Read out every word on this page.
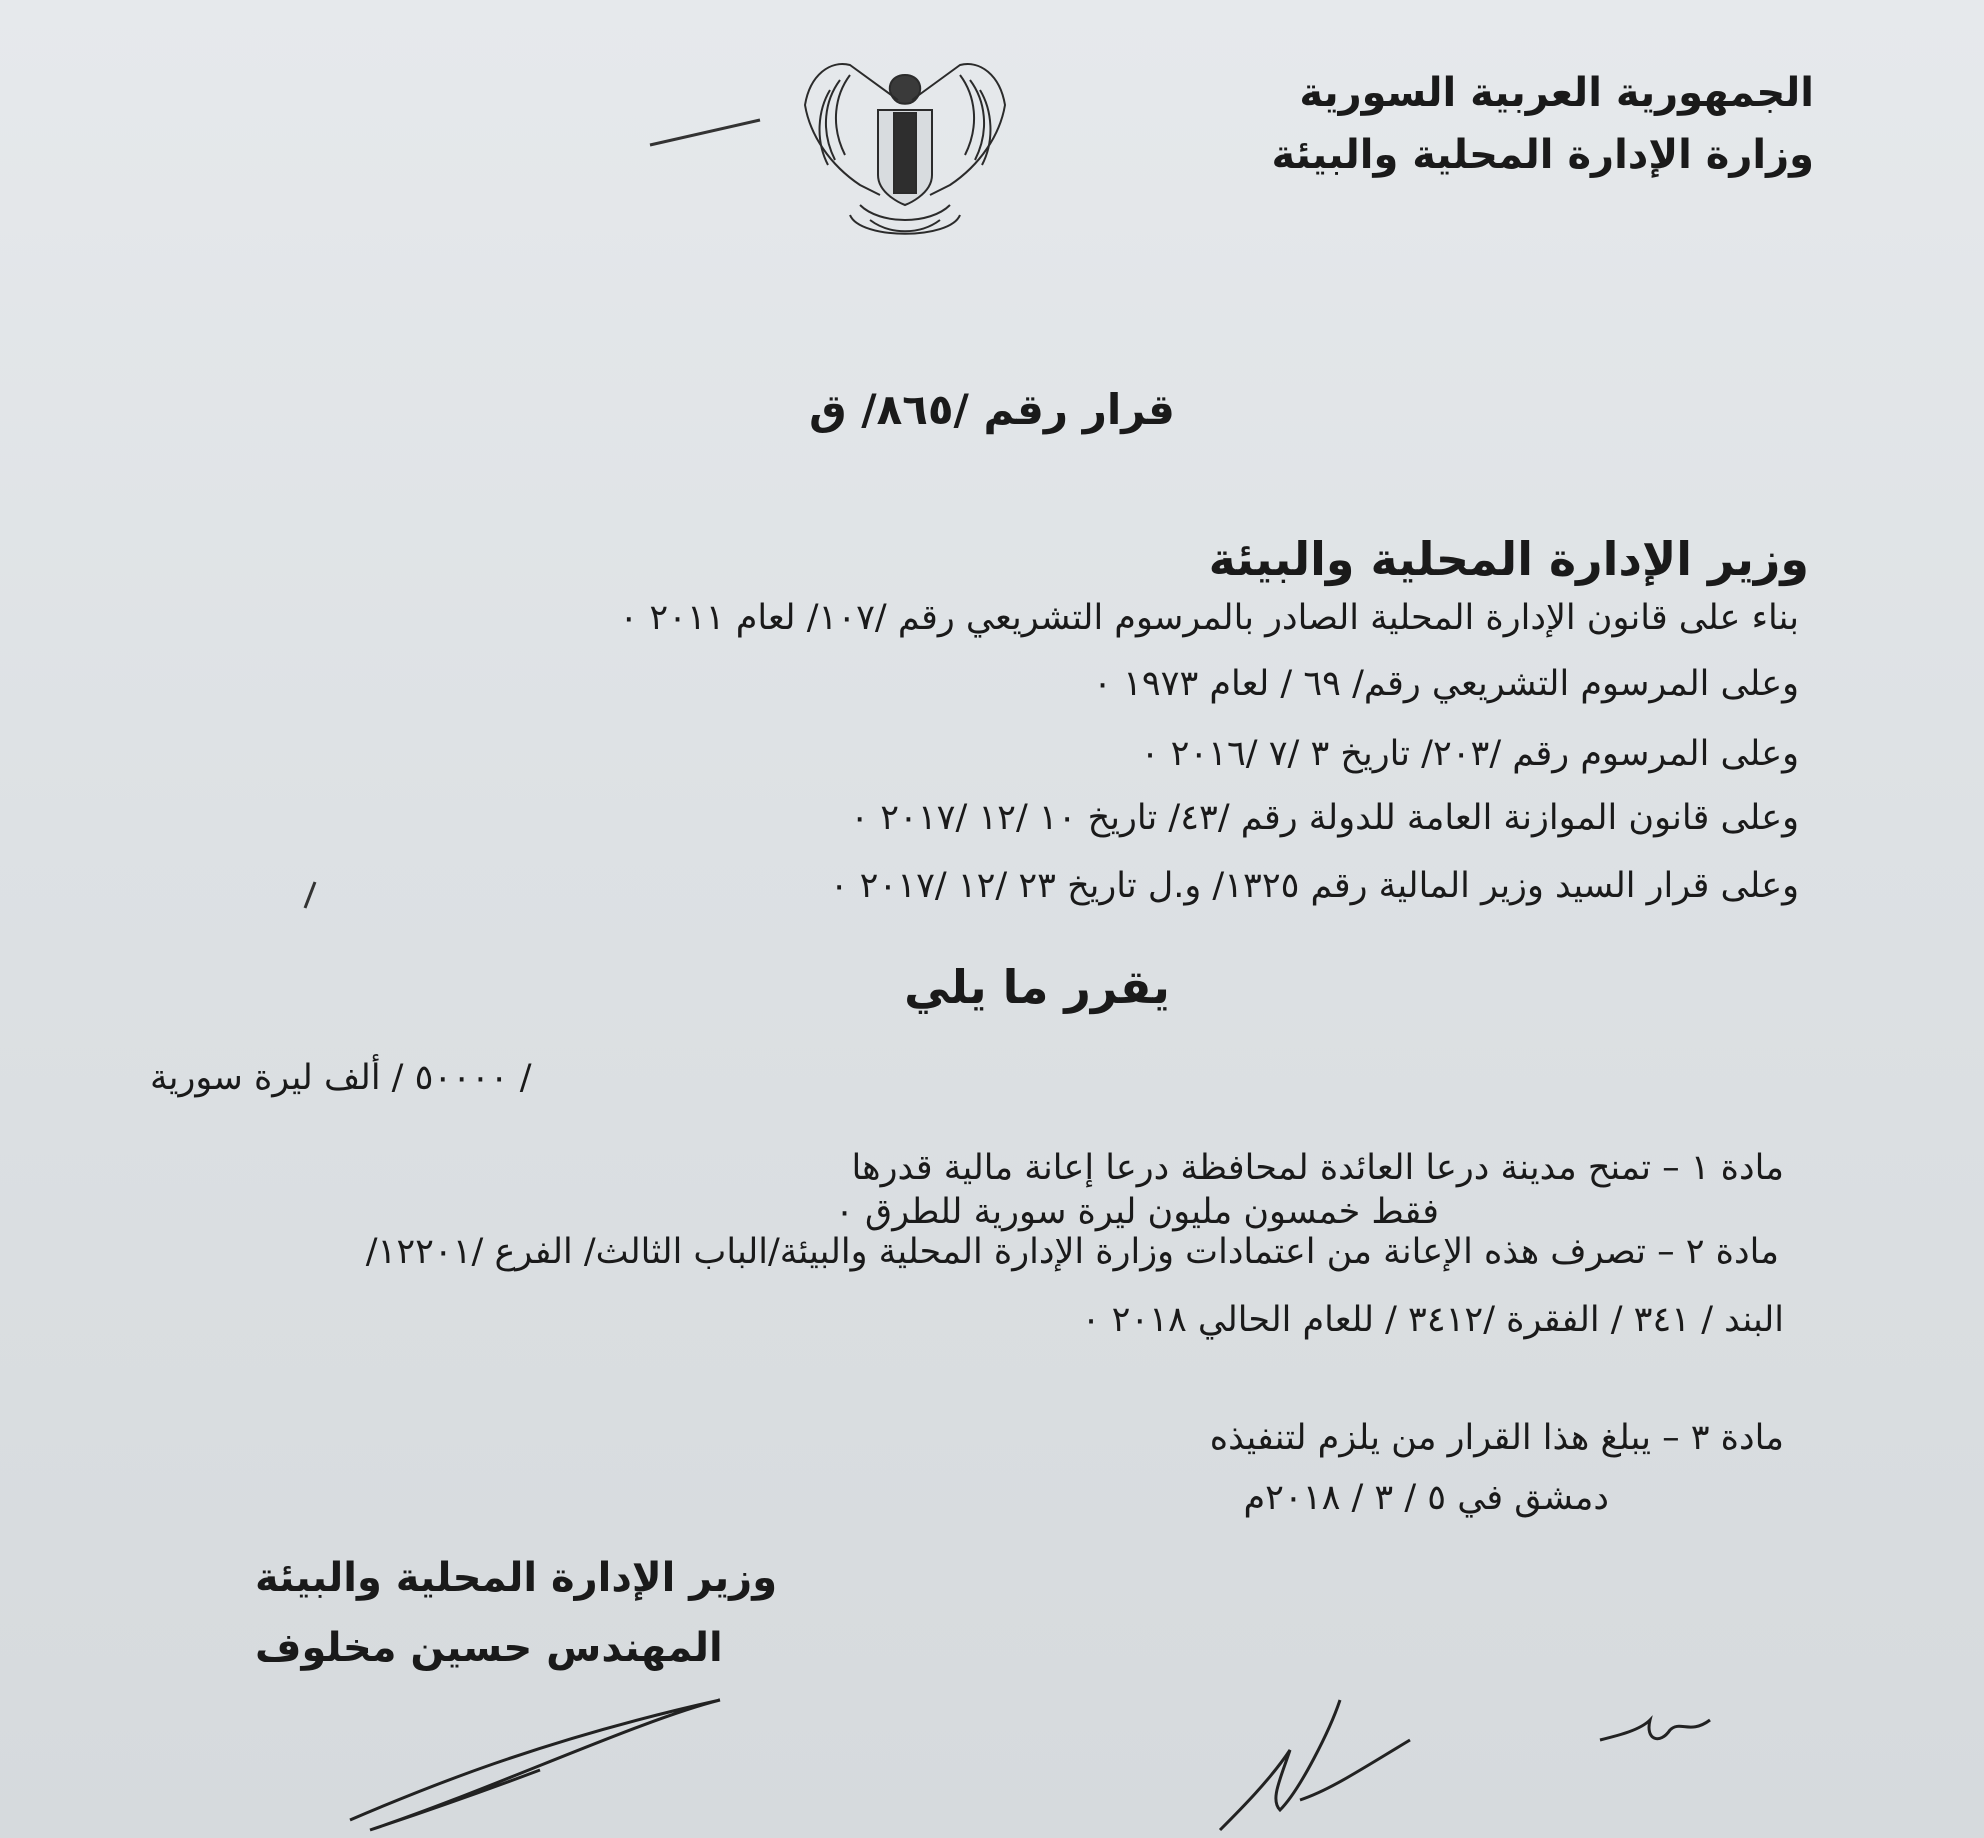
الجمهورية العربية السورية
وزارة الإدارة المحلية والبيئة
قرار رقم /٨٦٥/ ق
وزير الإدارة المحلية والبيئة
بناء على قانون الإدارة المحلية الصادر بالمرسوم التشريعي رقم /١٠٧/ لعام ٢٠١١ ٠
وعلى المرسوم التشريعي رقم/ ٦٩ / لعام ١٩٧٣ ٠
وعلى المرسوم رقم /٢٠٣/ تاريخ ٣ /٧ /٢٠١٦ ٠
وعلى قانون الموازنة العامة للدولة رقم /٤٣/ تاريخ ١٠ /١٢ /٢٠١٧ ٠
وعلى قرار السيد وزير المالية رقم ١٣٢٥/ و.ل تاريخ ٢٣ /١٢ /٢٠١٧ ٠
يقرر ما يلي
/ ٥٠٠٠٠ / ألف ليرة سورية
مادة ١ – تمنح مدينة درعا العائدة لمحافظة درعا إعانة مالية قدرها
فقط خمسون مليون ليرة سورية للطرق ٠
مادة ٢ – تصرف هذه الإعانة من اعتمادات وزارة الإدارة المحلية والبيئة/الباب الثالث/ الفرع /١٢٢٠١/
البند / ٣٤١ / الفقرة /٣٤١٢ / للعام الحالي ٢٠١٨ ٠
مادة ٣ – يبلغ هذا القرار من يلزم لتنفيذه
دمشق في ٥ / ٣ / ٢٠١٨م
وزير الإدارة المحلية والبيئة
المهندس حسين مخلوف
